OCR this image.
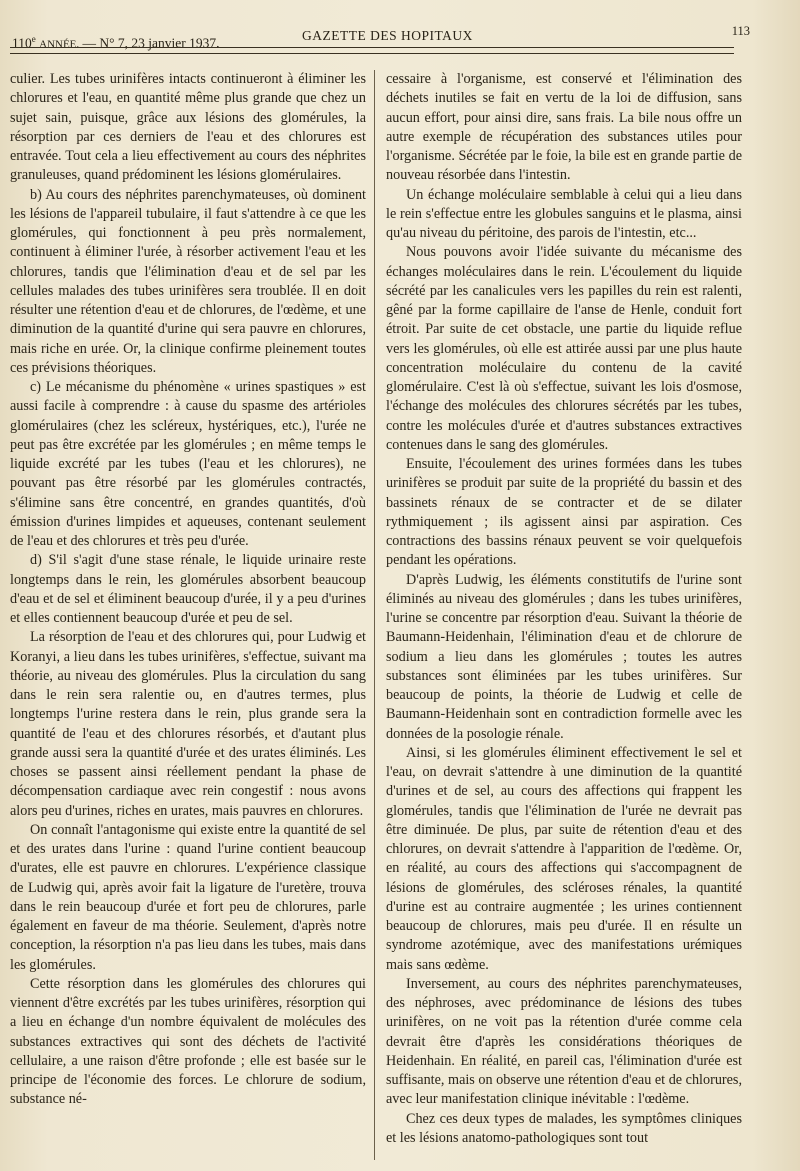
110e ANNÉE. — N° 7, 23 janvier 1937.	GAZETTE DES HOPITAUX	113

culier. Les tubes urinifères intacts continueront à éliminer les chlorures et l'eau, en quantité même plus grande que chez un sujet sain, puisque, grâce aux lésions des glomérules, la résorption par ces derniers de l'eau et des chlorures est entravée. Tout cela a lieu effectivement au cours des néphrites granuleuses, quand prédominent les lésions glomérulaires.

b) Au cours des néphrites parenchymateuses, où dominent les lésions de l'appareil tubulaire, il faut s'attendre à ce que les glomérules, qui fonctionnent à peu près normalement, continuent à éliminer l'urée, à résorber activement l'eau et les chlorures, tandis que l'élimination d'eau et de sel par les cellules malades des tubes urinifères sera troublée. Il en doit résulter une rétention d'eau et de chlorures, de l'œdème, et une diminution de la quantité d'urine qui sera pauvre en chlorures, mais riche en urée. Or, la clinique confirme pleinement toutes ces prévisions théoriques.

c) Le mécanisme du phénomène « urines spastiques » est aussi facile à comprendre : à cause du spasme des artérioles glomérulaires (chez les scléreux, hystériques, etc.), l'urée ne peut pas être excrétée par les glomérules ; en même temps le liquide excrété par les tubes (l'eau et les chlorures), ne pouvant pas être résorbé par les glomérules contractés, s'élimine sans être concentré, en grandes quantités, d'où émission d'urines limpides et aqueuses, contenant seulement de l'eau et des chlorures et très peu d'urée.

d) S'il s'agit d'une stase rénale, le liquide urinaire reste longtemps dans le rein, les glomérules absorbent beaucoup d'eau et de sel et éliminent beaucoup d'urée, il y a peu d'urines et elles contiennent beaucoup d'urée et peu de sel.

La résorption de l'eau et des chlorures qui, pour Ludwig et Koranyi, a lieu dans les tubes urinifères, s'effectue, suivant ma théorie, au niveau des glomérules. Plus la circulation du sang dans le rein sera ralentie ou, en d'autres termes, plus longtemps l'urine restera dans le rein, plus grande sera la quantité de l'eau et des chlorures résorbés, et d'autant plus grande aussi sera la quantité d'urée et des urates éliminés. Les choses se passent ainsi réellement pendant la phase de décompensation cardiaque avec rein congestif : nous avons alors peu d'urines, riches en urates, mais pauvres en chlorures.

On connaît l'antagonisme qui existe entre la quantité de sel et des urates dans l'urine : quand l'urine contient beaucoup d'urates, elle est pauvre en chlorures. L'expérience classique de Ludwig qui, après avoir fait la ligature de l'uretère, trouva dans le rein beaucoup d'urée et fort peu de chlorures, parle également en faveur de ma théorie. Seulement, d'après notre conception, la résorption n'a pas lieu dans les tubes, mais dans les glomérules.

Cette résorption dans les glomérules des chlorures qui viennent d'être excrétés par les tubes urinifères, résorption qui a lieu en échange d'un nombre équivalent de molécules des substances extractives qui sont des déchets de l'activité cellulaire, a une raison d'être profonde ; elle est basée sur le principe de l'économie des forces. Le chlorure de sodium, substance né-

cessaire à l'organisme, est conservé et l'élimination des déchets inutiles se fait en vertu de la loi de diffusion, sans aucun effort, pour ainsi dire, sans frais. La bile nous offre un autre exemple de récupération des substances utiles pour l'organisme. Sécrétée par le foie, la bile est en grande partie de nouveau résorbée dans l'intestin.

Un échange moléculaire semblable à celui qui a lieu dans le rein s'effectue entre les globules sanguins et le plasma, ainsi qu'au niveau du péritoine, des parois de l'intestin, etc...

Nous pouvons avoir l'idée suivante du mécanisme des échanges moléculaires dans le rein. L'écoulement du liquide sécrété par les canalicules vers les papilles du rein est ralenti, gêné par la forme capillaire de l'anse de Henle, conduit fort étroit. Par suite de cet obstacle, une partie du liquide reflue vers les glomérules, où elle est attirée aussi par une plus haute concentration moléculaire du contenu de la cavité glomérulaire. C'est là où s'effectue, suivant les lois d'osmose, l'échange des molécules des chlorures sécrétés par les tubes, contre les molécules d'urée et d'autres substances extractives contenues dans le sang des glomérules.

Ensuite, l'écoulement des urines formées dans les tubes urinifères se produit par suite de la propriété du bassin et des bassinets rénaux de se contracter et de se dilater rythmiquement ; ils agissent ainsi par aspiration. Ces contractions des bassins rénaux peuvent se voir quelquefois pendant les opérations.

D'après Ludwig, les éléments constitutifs de l'urine sont éliminés au niveau des glomérules ; dans les tubes urinifères, l'urine se concentre par résorption d'eau. Suivant la théorie de Baumann-Heidenhain, l'élimination d'eau et de chlorure de sodium a lieu dans les glomérules ; toutes les autres substances sont éliminées par les tubes urinifères. Sur beaucoup de points, la théorie de Ludwig et celle de Baumann-Heidenhain sont en contradiction formelle avec les données de la posologie rénale.

Ainsi, si les glomérules éliminent effectivement le sel et l'eau, on devrait s'attendre à une diminution de la quantité d'urines et de sel, au cours des affections qui frappent les glomérules, tandis que l'élimination de l'urée ne devrait pas être diminuée. De plus, par suite de rétention d'eau et des chlorures, on devrait s'attendre à l'apparition de l'œdème. Or, en réalité, au cours des affections qui s'accompagnent de lésions de glomérules, des scléroses rénales, la quantité d'urine est au contraire augmentée ; les urines contiennent beaucoup de chlorures, mais peu d'urée. Il en résulte un syndrome azotémique, avec des manifestations urémiques mais sans œdème.

Inversement, au cours des néphrites parenchymateuses, des néphroses, avec prédominance de lésions des tubes urinifères, on ne voit pas la rétention d'urée comme cela devrait être d'après les considérations théoriques de Heidenhain. En réalité, en pareil cas, l'élimination d'urée est suffisante, mais on observe une rétention d'eau et de chlorures, avec leur manifestation clinique inévitable : l'œdème.

Chez ces deux types de malades, les symptômes cliniques et les lésions anatomo-pathologiques sont tout
